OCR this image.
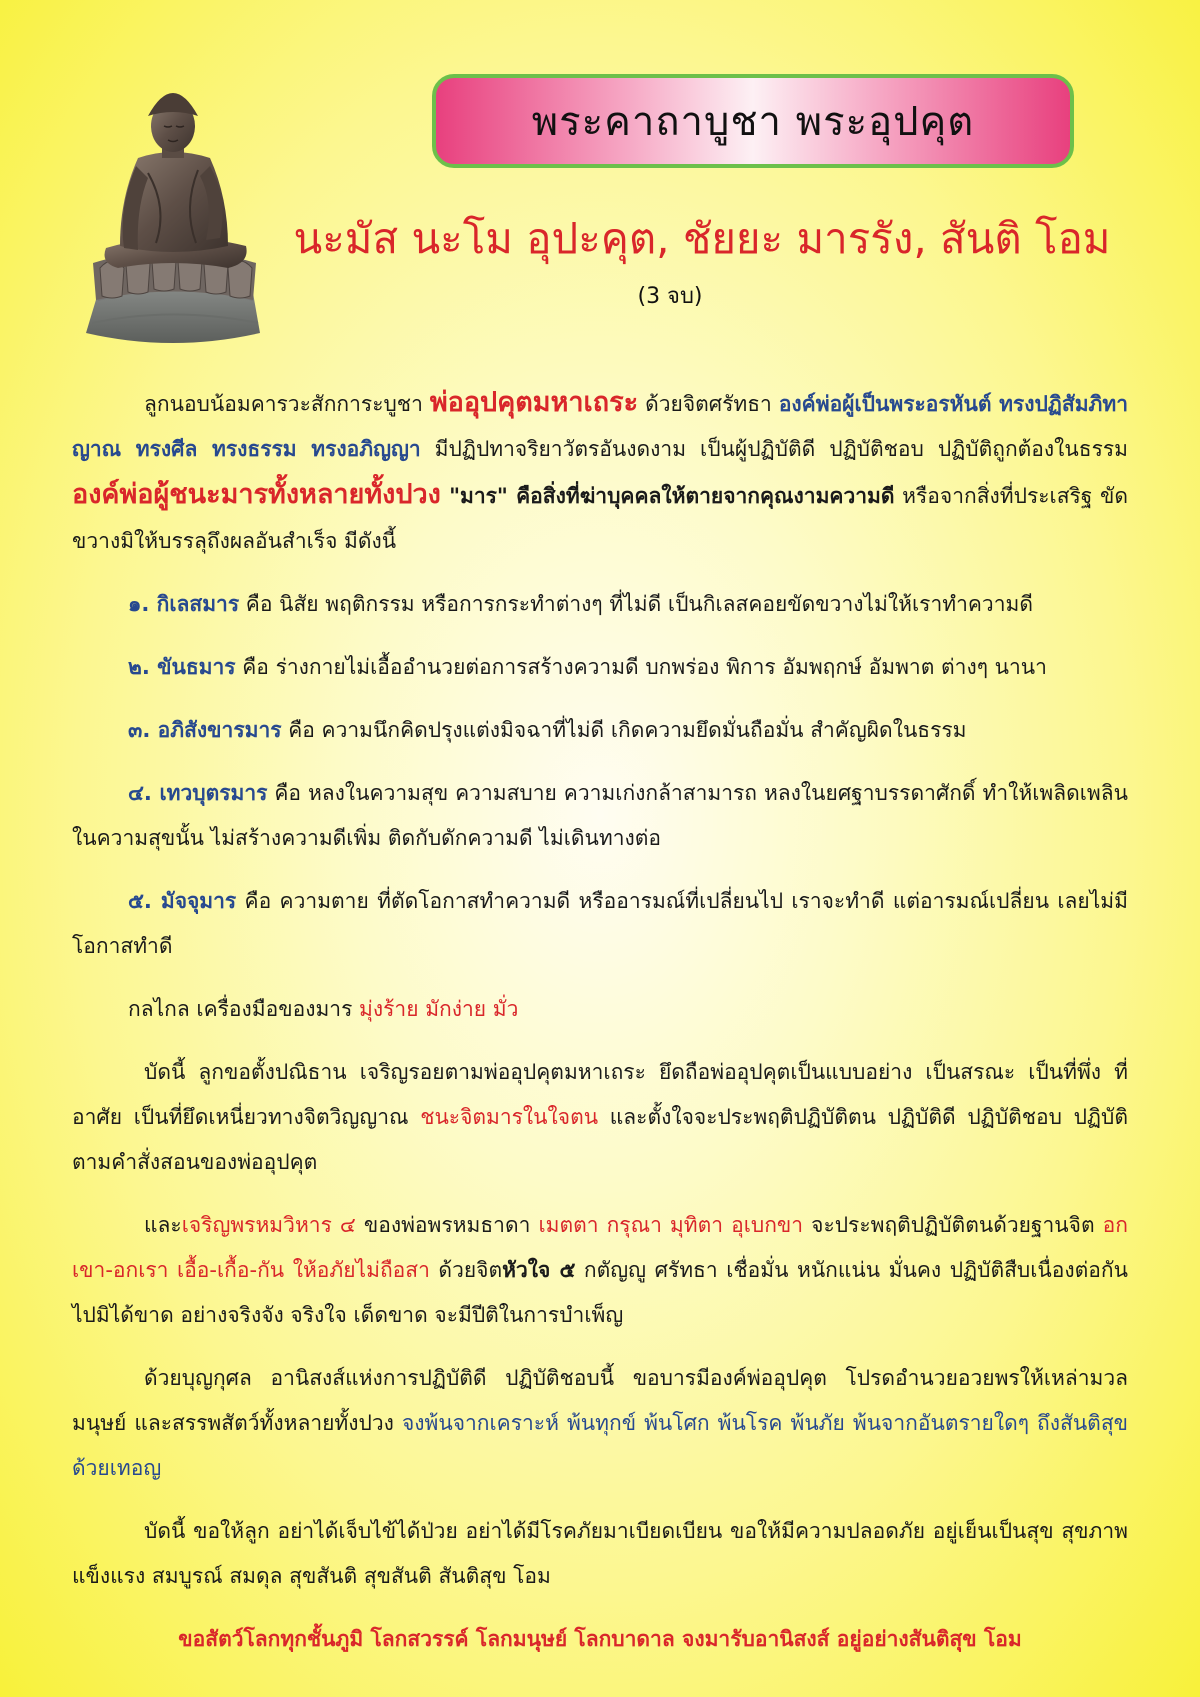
พระคาถาบูชา พระอุปคุต
นะมัส นะโม อุปะคุต, ชัยยะ มารรัง, สันติ โอม
(3 จบ)

ลูกนอบน้อมคารวะสักการะบูชา พ่ออุปคุตมหาเถระ ด้วยจิตศรัทธา องค์พ่อผู้เป็นพระอรหันต์ ทรงปฏิสัมภิทาญาณ ทรงศีล ทรงธรรม ทรงอภิญญา มีปฏิปทาจริยาวัตรอันงดงาม เป็นผู้ปฏิบัติดี ปฏิบัติชอบ ปฏิบัติถูกต้องในธรรม องค์พ่อผู้ชนะมารทั้งหลายทั้งปวง "มาร" คือสิ่งที่ฆ่าบุคคลให้ตายจากคุณงามความดี หรือจากสิ่งที่ประเสริฐ ขัดขวางมิให้บรรลุถึงผลอันสำเร็จ มีดังนี้

๑. กิเลสมาร คือ นิสัย พฤติกรรม หรือการกระทำต่างๆ ที่ไม่ดี เป็นกิเลสคอยขัดขวางไม่ให้เราทำความดี

๒. ขันธมาร คือ ร่างกายไม่เอื้ออำนวยต่อการสร้างความดี บกพร่อง พิการ อัมพฤกษ์ อัมพาต ต่างๆ นานา

๓. อภิสังขารมาร คือ ความนึกคิดปรุงแต่งมิจฉาที่ไม่ดี เกิดความยึดมั่นถือมั่น สำคัญผิดในธรรม

๔. เทวบุตรมาร คือ หลงในความสุข ความสบาย ความเก่งกล้าสามารถ หลงในยศฐาบรรดาศักดิ์ ทำให้เพลิดเพลินในความสุขนั้น ไม่สร้างความดีเพิ่ม ติดกับดักความดี ไม่เดินทางต่อ

๕. มัจจุมาร คือ ความตาย ที่ตัดโอกาสทำความดี หรืออารมณ์ที่เปลี่ยนไป เราจะทำดี แต่อารมณ์เปลี่ยน เลยไม่มีโอกาสทำดี

กลไกล เครื่องมือของมาร มุ่งร้าย มักง่าย มั่ว

บัดนี้ ลูกขอตั้งปณิธาน เจริญรอยตามพ่ออุปคุตมหาเถระ ยึดถือพ่ออุปคุตเป็นแบบอย่าง เป็นสรณะ เป็นที่พึ่ง ที่อาศัย เป็นที่ยึดเหนี่ยวทางจิตวิญญาณ ชนะจิตมารในใจตน และตั้งใจจะประพฤติปฏิบัติตน ปฏิบัติดี ปฏิบัติชอบ ปฏิบัติตามคำสั่งสอนของพ่ออุปคุต

และเจริญพรหมวิหาร ๔ ของพ่อพรหมธาดา เมตตา กรุณา มุทิตา อุเบกขา จะประพฤติปฏิบัติตนด้วยฐานจิต อกเขา-อกเรา เอื้อ-เกื้อ-กัน ให้อภัยไม่ถือสา ด้วยจิตหัวใจ ๕ กตัญญู ศรัทธา เชื่อมั่น หนักแน่น มั่นคง ปฏิบัติสืบเนื่องต่อกันไปมิได้ขาด อย่างจริงจัง จริงใจ เด็ดขาด จะมีปีติในการบำเพ็ญ

ด้วยบุญกุศล อานิสงส์แห่งการปฏิบัติดี ปฏิบัติชอบนี้ ขอบารมีองค์พ่ออุปคุต โปรดอำนวยอวยพรให้เหล่ามวลมนุษย์ และสรรพสัตว์ทั้งหลายทั้งปวง จงพ้นจากเคราะห์ พ้นทุกข์ พ้นโศก พ้นโรค พ้นภัย พ้นจากอันตรายใดๆ ถึงสันติสุขด้วยเทอญ

บัดนี้ ขอให้ลูก อย่าได้เจ็บไข้ได้ป่วย อย่าได้มีโรคภัยมาเบียดเบียน ขอให้มีความปลอดภัย อยู่เย็นเป็นสุข สุขภาพแข็งแรง สมบูรณ์ สมดุล สุขสันติ สุขสันติ สันติสุข โอม

ขอสัตว์โลกทุกชั้นภูมิ โลกสวรรค์ โลกมนุษย์ โลกบาดาล จงมารับอานิสงส์ อยู่อย่างสันติสุข โอม
